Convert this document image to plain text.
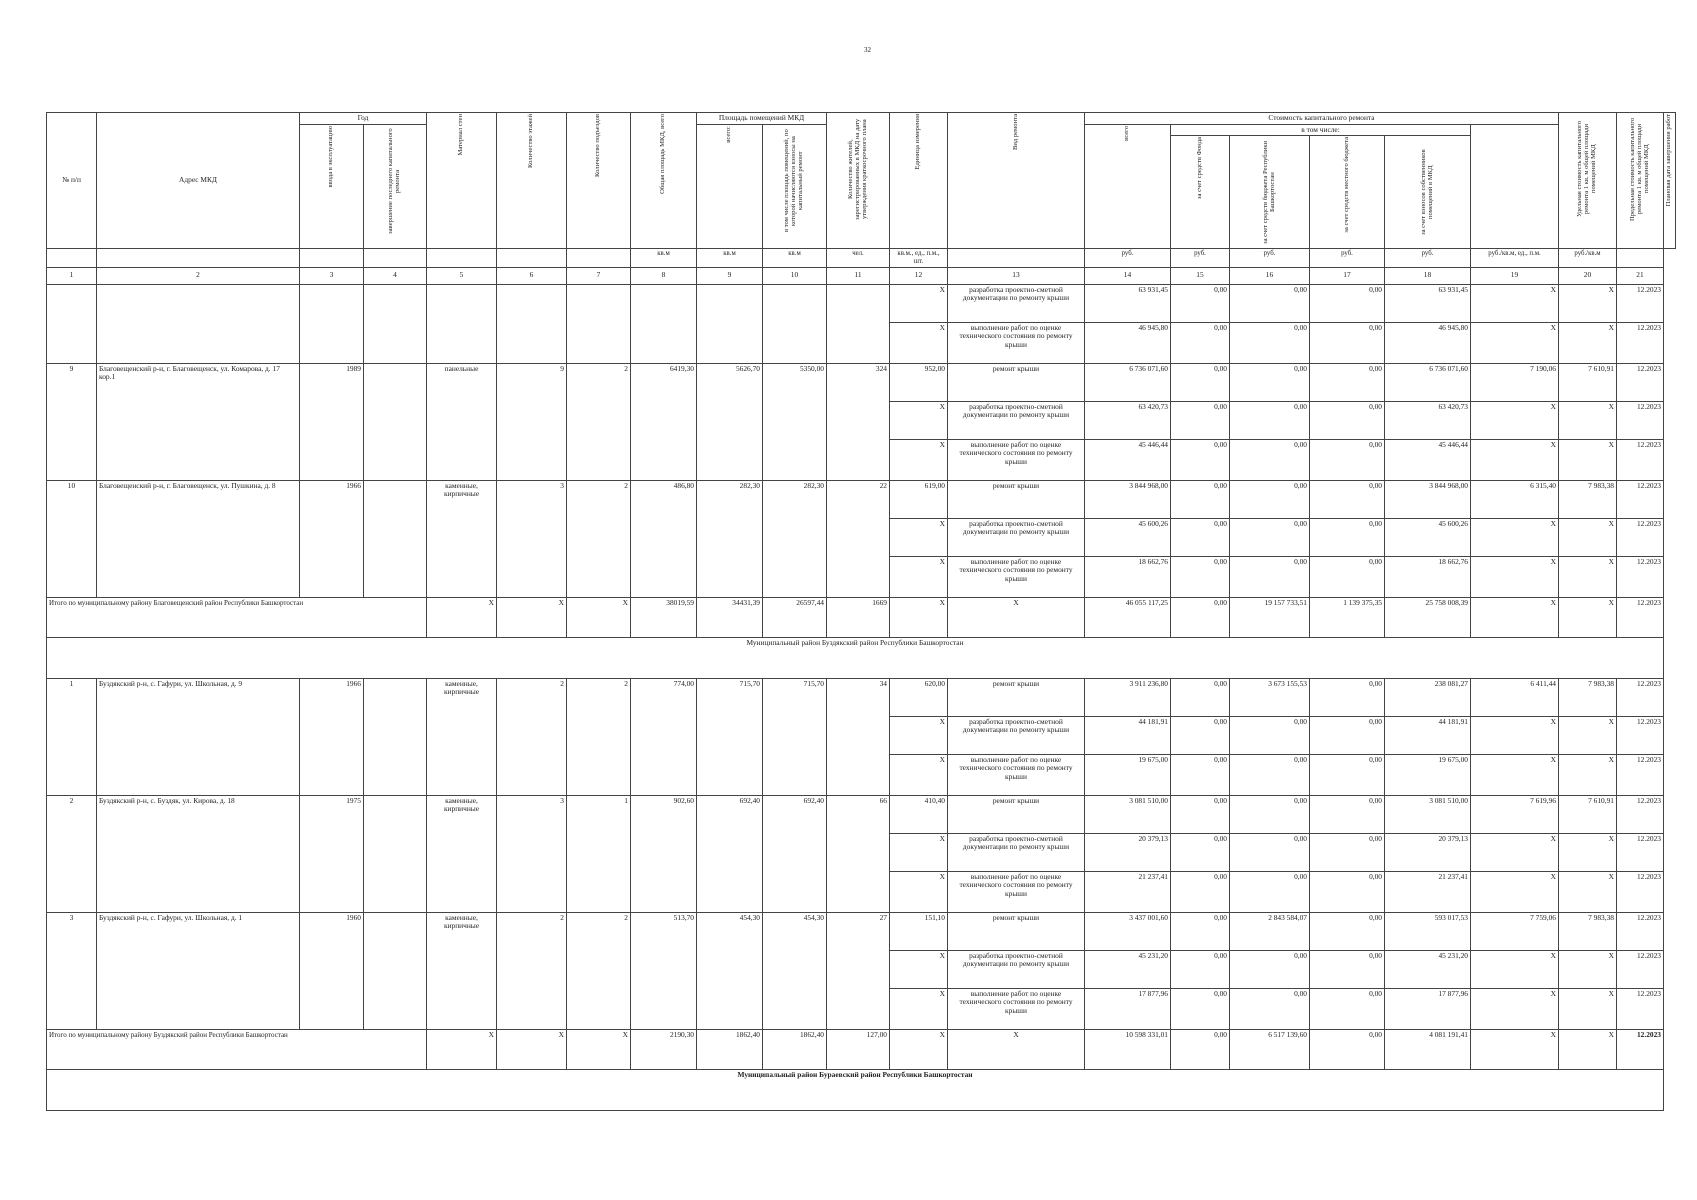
32
№ п/п	Адрес МКД	Год		Материал стен	Количество этажей	Количество подъездов	Общая площадь МКД, всего	Площадь помещений МКД		Количество жителей, зарегистрированных в МКД на дату утверждения краткосрочного плана	Единица измерения	Вид ремонта	Стоимость капитального ремонта						Удельная стоимость капитального ремонта 1 кв. м общей площади помещений МКД	Предельная стоимость капитального ремонта 1 кв. м общей площади помещений МКД	Плановая дата завершения работ

		ввода в эксплуатацию	завершение последнего капитального ремонта					всего:	в том числе площадь помещений, по которой начисляются взносы на капитальный ремонт				всего	в том числе:							

														за счет средств Фонда	за счет средств бюджета Республики Башкортостан	за счет средств местного бюджета	за счет взносов собственников помещений в МКД				

							кв.м	кв.м	кв.м	чел.	кв.м., ед., п.м., шт.		руб.	руб.	руб.	руб.	руб.	руб./кв.м, ед., п.м.	руб./кв.м		
1	2	3	4	5	6	7	8	9	10	11	12	13	14	15	16	17	18	19	20	21	
											X	разработка проектно-сметной документации по ремонту крыши	63 931,45	0,00	0,00	0,00	63 931,45	X	X	12.2023	
											X	выполнение работ по оценке технического состояния по ремонту крыши	46 945,80	0,00	0,00	0,00	46 945,80	X	X	12.2023	
9	Благовещенский р-н, г. Благовещенск, ул. Комарова, д. 17 кор.1	1989		панельные	9	2	6419,30	5626,70	5350,00	324	952,00	ремонт крыши	6 736 071,60	0,00	0,00	0,00	6 736 071,60	7 190,06	7 610,91	12.2023	
											X	разработка проектно-сметной документации по ремонту крыши	63 420,73	0,00	0,00	0,00	63 420,73	X	X	12.2023	
											X	выполнение работ по оценке технического состояния по ремонту крыши	45 446,44	0,00	0,00	0,00	45 446,44	X	X	12.2023	
10	Благовещенский р-н, г. Благовещенск, ул. Пушкина, д. 8	1966		каменные, кирпичные	3	2	486,80	282,30	282,30	22	619,00	ремонт крыши	3 844 968,00	0,00	0,00	0,00	3 844 968,00	6 315,40	7 983,38	12.2023	
											X	разработка проектно-сметной документации по ремонту крыши	45 600,26	0,00	0,00	0,00	45 600,26	X	X	12.2023	
											X	выполнение работ по оценке технического состояния по ремонту крыши	18 662,76	0,00	0,00	0,00	18 662,76	X	X	12.2023	
Итого по муниципальному району Благовещенский район Республики Башкортостан				X	X	X	38019,59	34431,39	26597,44	1669	X	X	46 055 117,25	0,00	19 157 733,51	1 139 375,35	25 758 008,39	X	X	12.2023	
Муниципальный район Буздякский район Республики Башкортостан																					
1	Буздякский р-н, с. Гафури, ул. Школьная, д. 9	1966		каменные, кирпичные	2	2	774,00	715,70	715,70	34	620,00	ремонт крыши	3 911 236,80	0,00	3 673 155,53	0,00	238 081,27	6 411,44	7 983,38	12.2023	
											X	разработка проектно-сметной документации по ремонту крыши	44 181,91	0,00	0,00	0,00	44 181,91	X	X	12.2023	
											X	выполнение работ по оценке технического состояния по ремонту крыши	19 675,00	0,00	0,00	0,00	19 675,00	X	X	12.2023	
2	Буздякский р-н, с. Буздяк, ул. Кирова, д. 18	1975		каменные, кирпичные	3	1	902,60	692,40	692,40	66	410,40	ремонт крыши	3 081 510,00	0,00	0,00	0,00	3 081 510,00	7 619,96	7 610,91	12.2023	
											X	разработка проектно-сметной документации по ремонту крыши	20 379,13	0,00	0,00	0,00	20 379,13	X	X	12.2023	
											X	выполнение работ по оценке технического состояния по ремонту крыши	21 237,41	0,00	0,00	0,00	21 237,41	X	X	12.2023	
3	Буздякский р-н, с. Гафури, ул. Школьная, д. 1	1960		каменные, кирпичные	2	2	513,70	454,30	454,30	27	151,10	ремонт крыши	3 437 001,60	0,00	2 843 584,07	0,00	593 017,53	7 759,06	7 983,38	12.2023	
											X	разработка проектно-сметной документации по ремонту крыши	45 231,20	0,00	0,00	0,00	45 231,20	X	X	12.2023	
											X	выполнение работ по оценке технического состояния по ремонту крыши	17 877,96	0,00	0,00	0,00	17 877,96	X	X	12.2023	
Итого по муниципальному району Буздякский район Республики Башкортостан				X	X	X	2190,30	1862,40	1862,40	127,00	X	X	10 598 331,01	0,00	6 517 139,60	0,00	4 081 191,41	X	X	12.2023	
Муниципальный район Бураевский район Республики Башкортостан																					
